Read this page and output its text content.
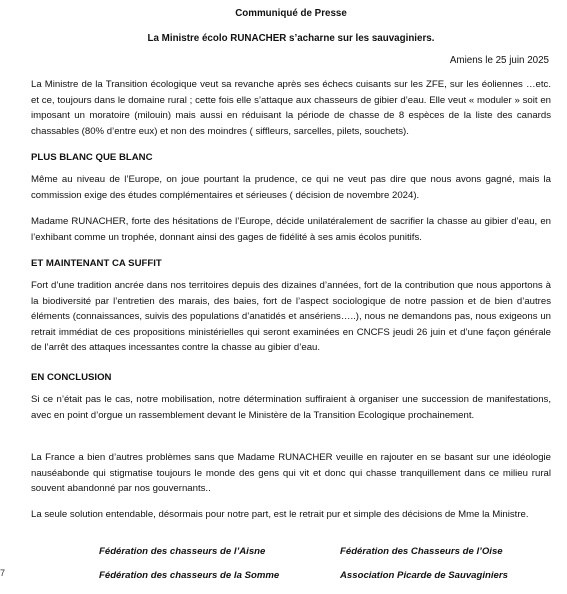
7
Communiqué de Presse
La Ministre écolo RUNACHER s’acharne sur les sauvaginiers.
Amiens le 25 juin 2025

La Ministre de la Transition écologique veut sa revanche après ses échecs cuisants sur les ZFE, sur les éoliennes …etc. et ce, toujours dans le domaine rural ; cette fois elle s’attaque aux chasseurs de gibier d’eau. Elle veut « moduler » soit en imposant un moratoire (milouin) mais aussi en réduisant la période de chasse de 8 espèces de la liste des canards chassables (80% d’entre eux) et non des moindres ( siffleurs, sarcelles, pilets, souchets).

PLUS BLANC QUE BLANC

Même au niveau de l’Europe, on joue pourtant la prudence, ce qui ne veut pas dire que nous avons gagné, mais la commission exige des études complémentaires et sérieuses ( décision de novembre 2024).

Madame RUNACHER, forte des hésitations de l’Europe, décide unilatéralement de sacrifier la chasse au gibier d’eau, en l’exhibant comme un trophée, donnant ainsi des gages de fidélité à ses amis écolos punitifs.

ET MAINTENANT CA SUFFIT

Fort d’une tradition ancrée dans nos territoires depuis des dizaines d’années, fort de la contribution que nous apportons à la biodiversité par l’entretien des marais, des baies, fort de l’aspect sociologique de notre passion et de bien d’autres éléments (connaissances, suivis des populations d’anatidés et ansériens…..), nous ne demandons pas, nous exigeons un retrait immédiat de ces propositions ministérielles qui seront examinées en CNCFS jeudi 26 juin et d’une façon générale de l’arrêt des attaques incessantes contre la chasse au gibier d’eau.

EN CONCLUSION

Si ce n’était pas le cas, notre mobilisation, notre détermination suffiraient à organiser une succession de manifestations, avec en point d’orgue un rassemblement devant le Ministère de la Transition Ecologique prochainement.

La France a bien d’autres problèmes sans que Madame RUNACHER veuille en rajouter en se basant sur une idéologie nauséabonde qui stigmatise toujours le monde des gens qui vit et donc qui chasse tranquillement dans ce milieu rural souvent abandonné par nos gouvernants..

La seule solution entendable, désormais pour notre part, est le retrait pur et simple des décisions de Mme la Ministre.

Fédération des chasseurs de l’Aisne	Fédération des Chasseurs de l’Oise
Fédération des chasseurs de la Somme	Association Picarde de Sauvaginiers
